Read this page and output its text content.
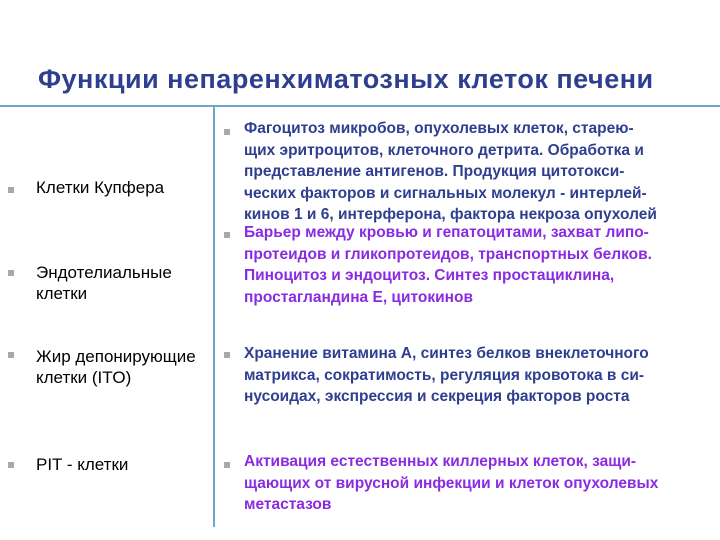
Функции непаренхиматозных клеток печени
Клетки Купфера
Эндотелиальные
клетки
Жир депонирующие
клетки (ITO)
PIT - клетки
Фагоцитоз микробов, опухолевых клеток, старею-
щих эритроцитов, клеточного детрита. Обработка и
представление антигенов. Продукция цитотокси-
ческих факторов и сигнальных молекул - интерлей-
кинов 1 и 6, интерферона, фактора некроза опухолей
Барьер между кровью и гепатоцитами, захват липо-
протеидов и гликопротеидов, транспортных белков.
Пиноцитоз и эндоцитоз. Синтез простациклина,
простагландина Е, цитокинов
Хранение витамина А, синтез белков внеклеточного
матрикса, сократимость, регуляция кровотока в си-
нусоидах, экспрессия и секреция факторов роста
Активация естественных киллерных клеток, защи-
щающих от вирусной инфекции и клеток опухолевых
метастазов
